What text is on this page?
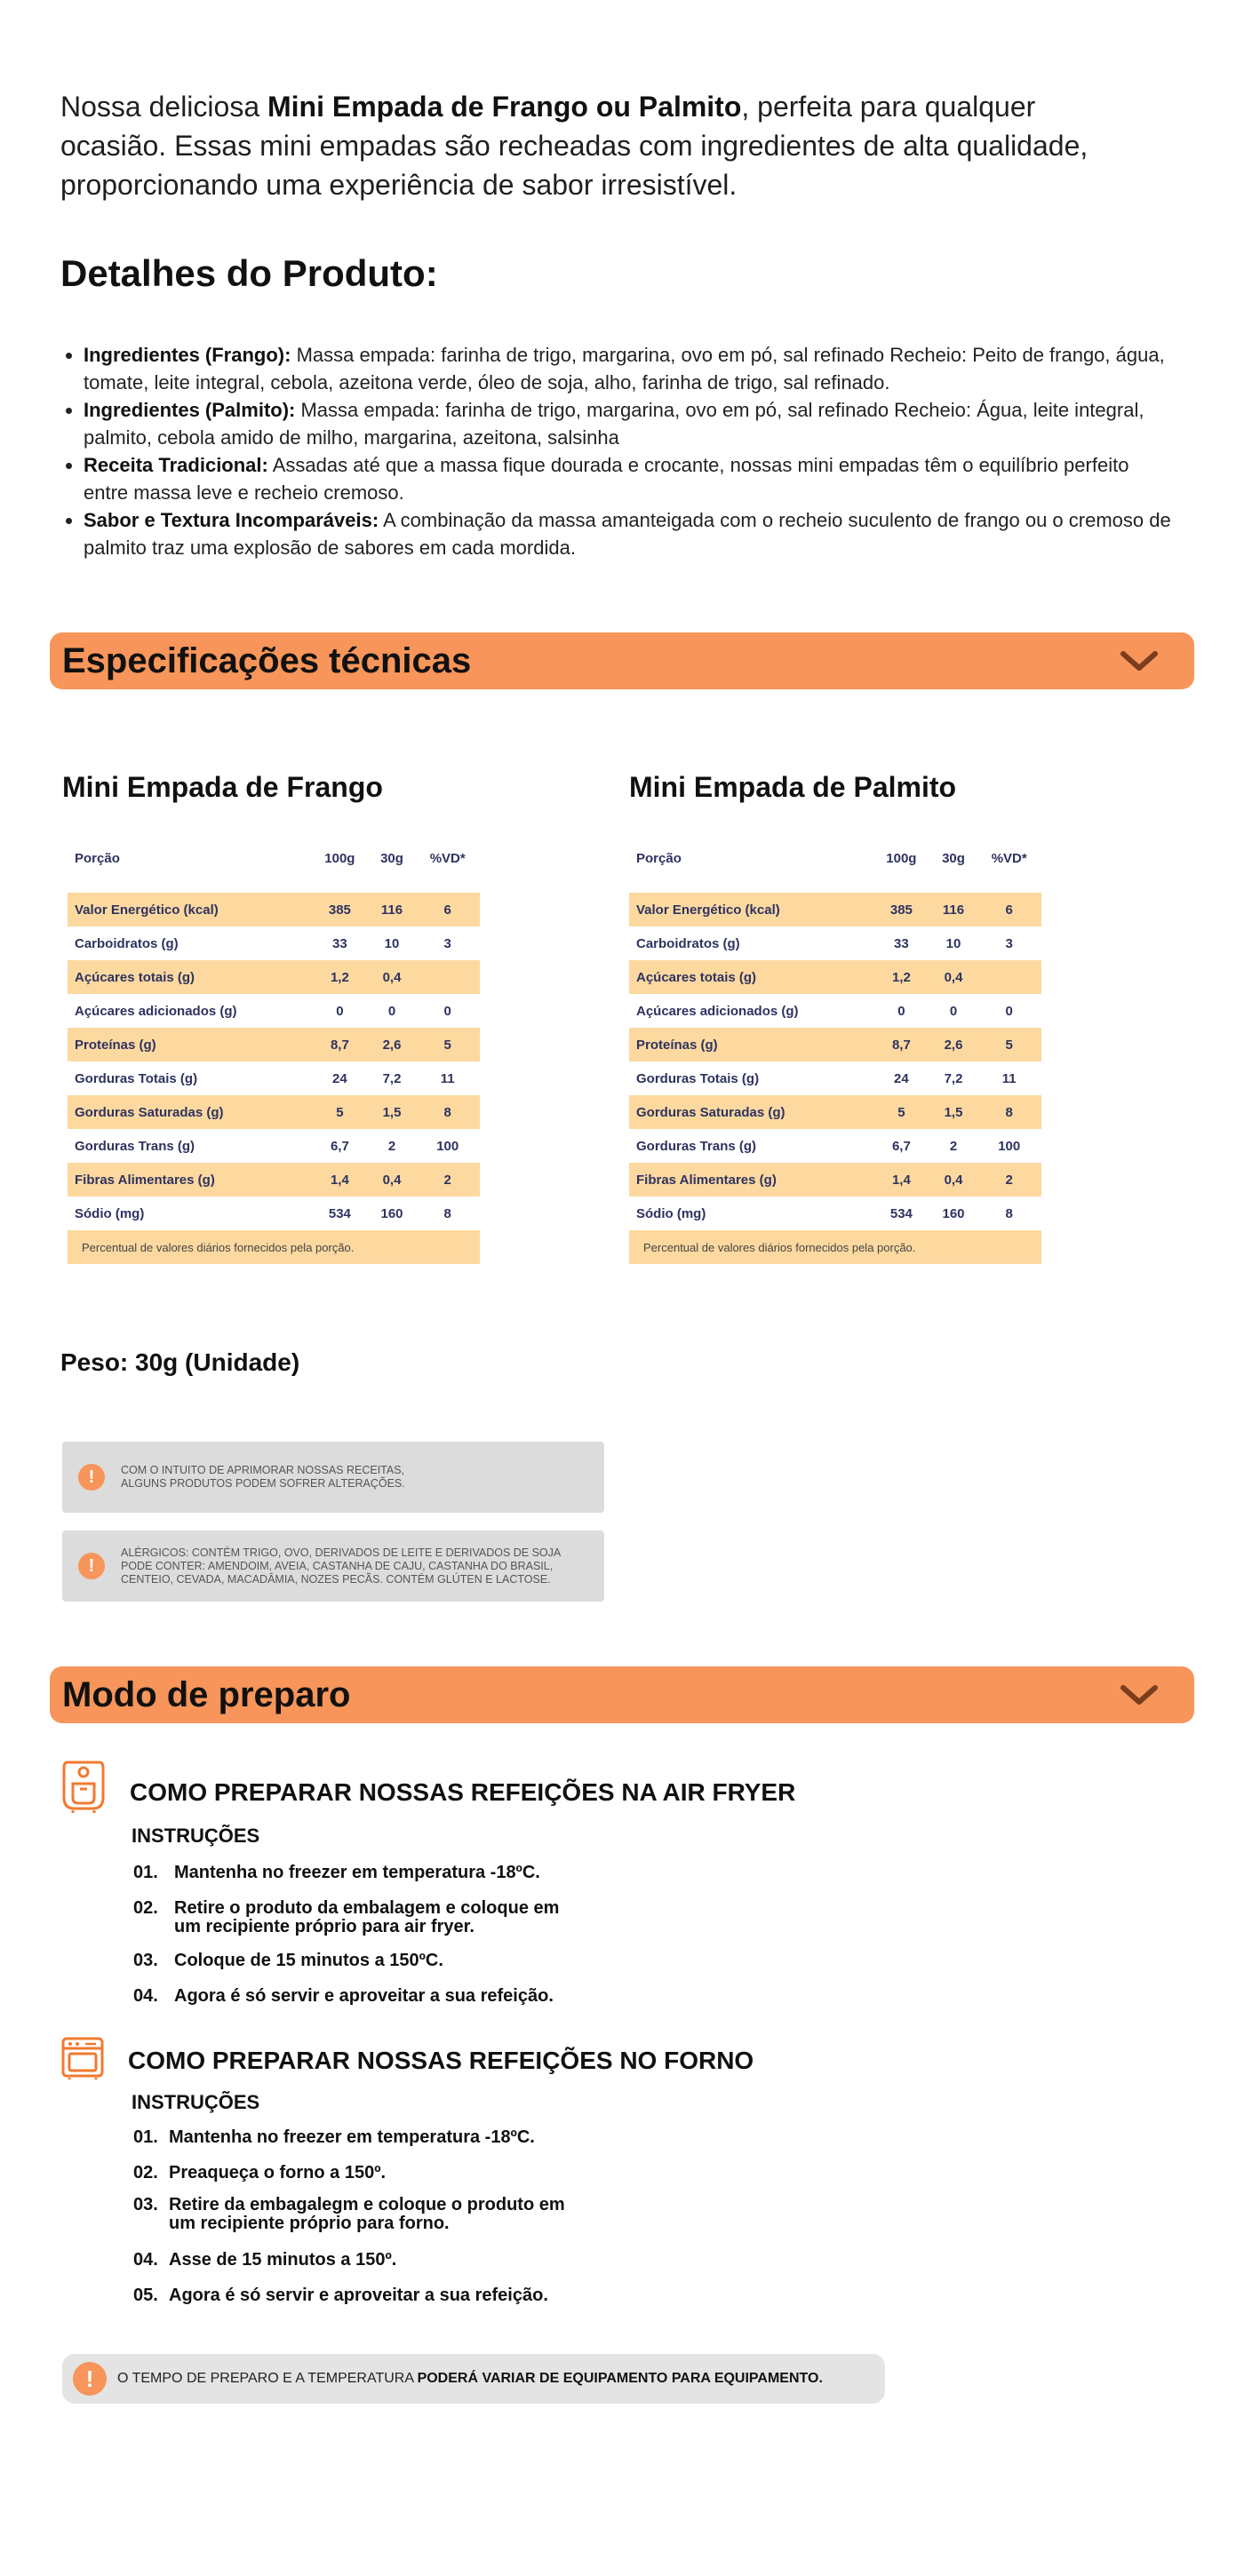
Nossa deliciosa Mini Empada de Frango ou Palmito, perfeita para qualquer ocasião. Essas mini empadas são recheadas com ingredientes de alta qualidade, proporcionando uma experiência de sabor irresistível.

Detalhes do Produto:
• Ingredientes (Frango): Massa empada: farinha de trigo, margarina, ovo em pó, sal refinado Recheio: Peito de frango, água, tomate, leite integral, cebola, azeitona verde, óleo de soja, alho, farinha de trigo, sal refinado.
• Ingredientes (Palmito): Massa empada: farinha de trigo, margarina, ovo em pó, sal refinado Recheio: Água, leite integral, palmito, cebola amido de milho, margarina, azeitona, salsinha
• Receita Tradicional: Assadas até que a massa fique dourada e crocante, nossas mini empadas têm o equilíbrio perfeito entre massa leve e recheio cremoso.
• Sabor e Textura Incomparáveis: A combinação da massa amanteigada com o recheio suculento de frango ou o cremoso de palmito traz uma explosão de sabores em cada mordida.
Especificações técnicas
Mini Empada de Frango
Porção	100g	30g	%VD*

Valor Energético (kcal)	385	116	6
Carboidratos (g)	33	10	3
Açúcares totais (g)	1,2	0,4	
Açúcares adicionados (g)	0	0	0
Proteínas (g)	8,7	2,6	5
Gorduras Totais (g)	24	7,2	11
Gorduras Saturadas (g)	5	1,5	8
Gorduras Trans (g)	6,7	2	100
Fibras Alimentares (g)	1,4	0,4	2
Sódio (mg)	534	160	8
Percentual de valores diários fornecidos pela porção.			
Mini Empada de Palmito
Porção	100g	30g	%VD*

Valor Energético (kcal)	385	116	6
Carboidratos (g)	33	10	3
Açúcares totais (g)	1,2	0,4	
Açúcares adicionados (g)	0	0	0
Proteínas (g)	8,7	2,6	5
Gorduras Totais (g)	24	7,2	11
Gorduras Saturadas (g)	5	1,5	8
Gorduras Trans (g)	6,7	2	100
Fibras Alimentares (g)	1,4	0,4	2
Sódio (mg)	534	160	8
Percentual de valores diários fornecidos pela porção.			
Peso: 30g (Unidade)
!	COM O INTUITO DE APRIMORAR NOSSAS RECEITAS,
ALGUNS PRODUTOS PODEM SOFRER ALTERAÇÕES.
!
ALÉRGICOS: CONTÉM TRIGO, OVO, DERIVADOS DE LEITE E DERIVADOS DE SOJA
PODE CONTER: AMENDOIM, AVEIA, CASTANHA DE CAJU, CASTANHA DO BRASIL,
CENTEIO, CEVADA, MACADÂMIA, NOZES PECÃS. CONTÉM GLÚTEN E LACTOSE.
Modo de preparo
COMO PREPARAR NOSSAS REFEIÇÕES NA AIR FRYER
INSTRUÇÕES
01. Mantenha no freezer em temperatura -18ºC.
02. Retire o produto da embalagem e coloque em
um recipiente próprio para air fryer.
03. Coloque de 15 minutos a 150ºC.
04. Agora é só servir e aproveitar a sua refeição.
COMO PREPARAR NOSSAS REFEIÇÕES NO FORNO
INSTRUÇÕES
01. Mantenha no freezer em temperatura -18ºC.
02. Preaqueça o forno a 150º.
03. Retire da embagalegm e coloque o produto em
um recipiente próprio para forno.
04. Asse de 15 minutos a 150º.
05. Agora é só servir e aproveitar a sua refeição.
!	O TEMPO DE PREPARO E A TEMPERATURA PODERÁ VARIAR DE EQUIPAMENTO PARA EQUIPAMENTO.
